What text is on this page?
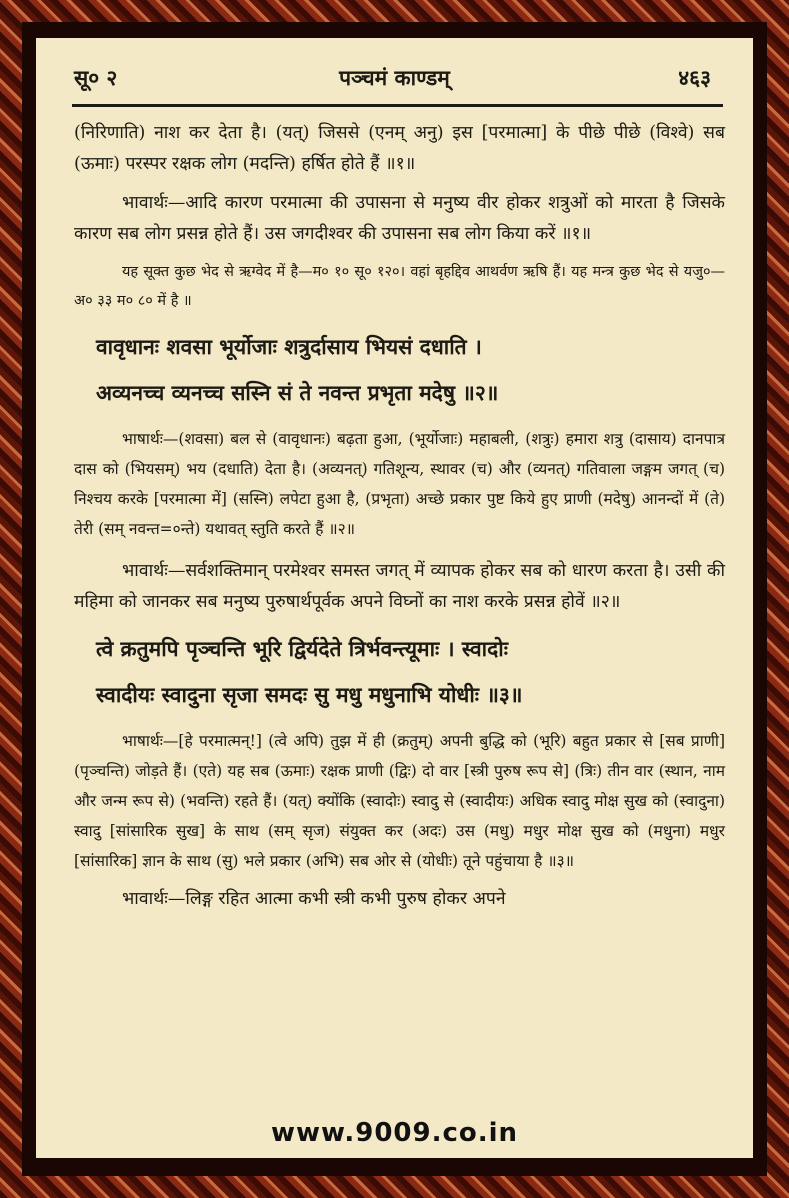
सू० २	पञ्चमं काण्डम्	४६३

(निरिणाति) नाश कर देता है। (यत्) जिससे (एनम् अनु) इस [परमात्मा] के पीछे पीछे (विश्वे) सब (ऊमाः) परस्पर रक्षक लोग (मदन्ति) हर्षित होते हैं ॥१॥

भावार्थः—आदि कारण परमात्मा की उपासना से मनुष्य वीर होकर शत्रुओं को मारता है जिसके कारण सब लोग प्रसन्न होते हैं। उस जगदीश्वर की उपासना सब लोग किया करें ॥१॥

यह सूक्त कुछ भेद से ऋग्वेद में है—म० १० सू० १२०। वहां बृहद्दिव आथर्वण ऋषि हैं। यह मन्त्र कुछ भेद से यजु०—अ० ३३ म० ८० में है ॥

वावृधानः शवसा भूर्योजाः शत्रुर्दासाय भियसं दधाति ।

अव्यनच्च व्यनच्च सस्नि सं ते नवन्त प्रभृता मदेषु ॥२॥

भाषार्थः—(शवसा) बल से (वावृधानः) बढ़ता हुआ, (भूर्योजाः) महाबली, (शत्रुः) हमारा शत्रु (दासाय) दानपात्र दास को (भियसम्) भय (दधाति) देता है। (अव्यनत्) गतिशून्य, स्थावर (च) और (व्यनत्) गतिवाला जङ्गम जगत् (च) निश्चय करके [परमात्मा में] (सस्नि) लपेटा हुआ है, (प्रभृता) अच्छे प्रकार पुष्ट किये हुए प्राणी (मदेषु) आनन्दों में (ते) तेरी (सम् नवन्त=०न्ते) यथावत् स्तुति करते हैं ॥२॥

भावार्थः—सर्वशक्तिमान् परमेश्वर समस्त जगत् में व्यापक होकर सब को धारण करता है। उसी की महिमा को जानकर सब मनुष्य पुरुषार्थपूर्वक अपने विघ्नों का नाश करके प्रसन्न होवें ॥२॥

त्वे क्रतुमपि पृञ्चन्ति भूरि द्विर्यदेते त्रिर्भवन्त्यूमाः । स्वादोः

स्वादीयः स्वादुना सृजा समदः सु मधु मधुनाभि योधीः ॥३॥

भाषार्थः—[हे परमात्मन्!] (त्वे अपि) तुझ में ही (क्रतुम्) अपनी बुद्धि को (भूरि) बहुत प्रकार से [सब प्राणी] (पृञ्चन्ति) जोड़ते हैं। (एते) यह सब (ऊमाः) रक्षक प्राणी (द्विः) दो वार [स्त्री पुरुष रूप से] (त्रिः) तीन वार (स्थान, नाम और जन्म रूप से) (भवन्ति) रहते हैं। (यत्) क्योंकि (स्वादोः) स्वादु से (स्वादीयः) अधिक स्वादु मोक्ष सुख को (स्वादुना) स्वादु [सांसारिक सुख] के साथ (सम् सृज) संयुक्त कर (अदः) उस (मधु) मधुर मोक्ष सुख को (मधुना) मधुर [सांसारिक] ज्ञान के साथ (सु) भले प्रकार (अभि) सब ओर से (योधीः) तूने पहुंचाया है ॥३॥

भावार्थः—लिङ्ग रहित आत्मा कभी स्त्री कभी पुरुष होकर अपने

www.9009.co.in
